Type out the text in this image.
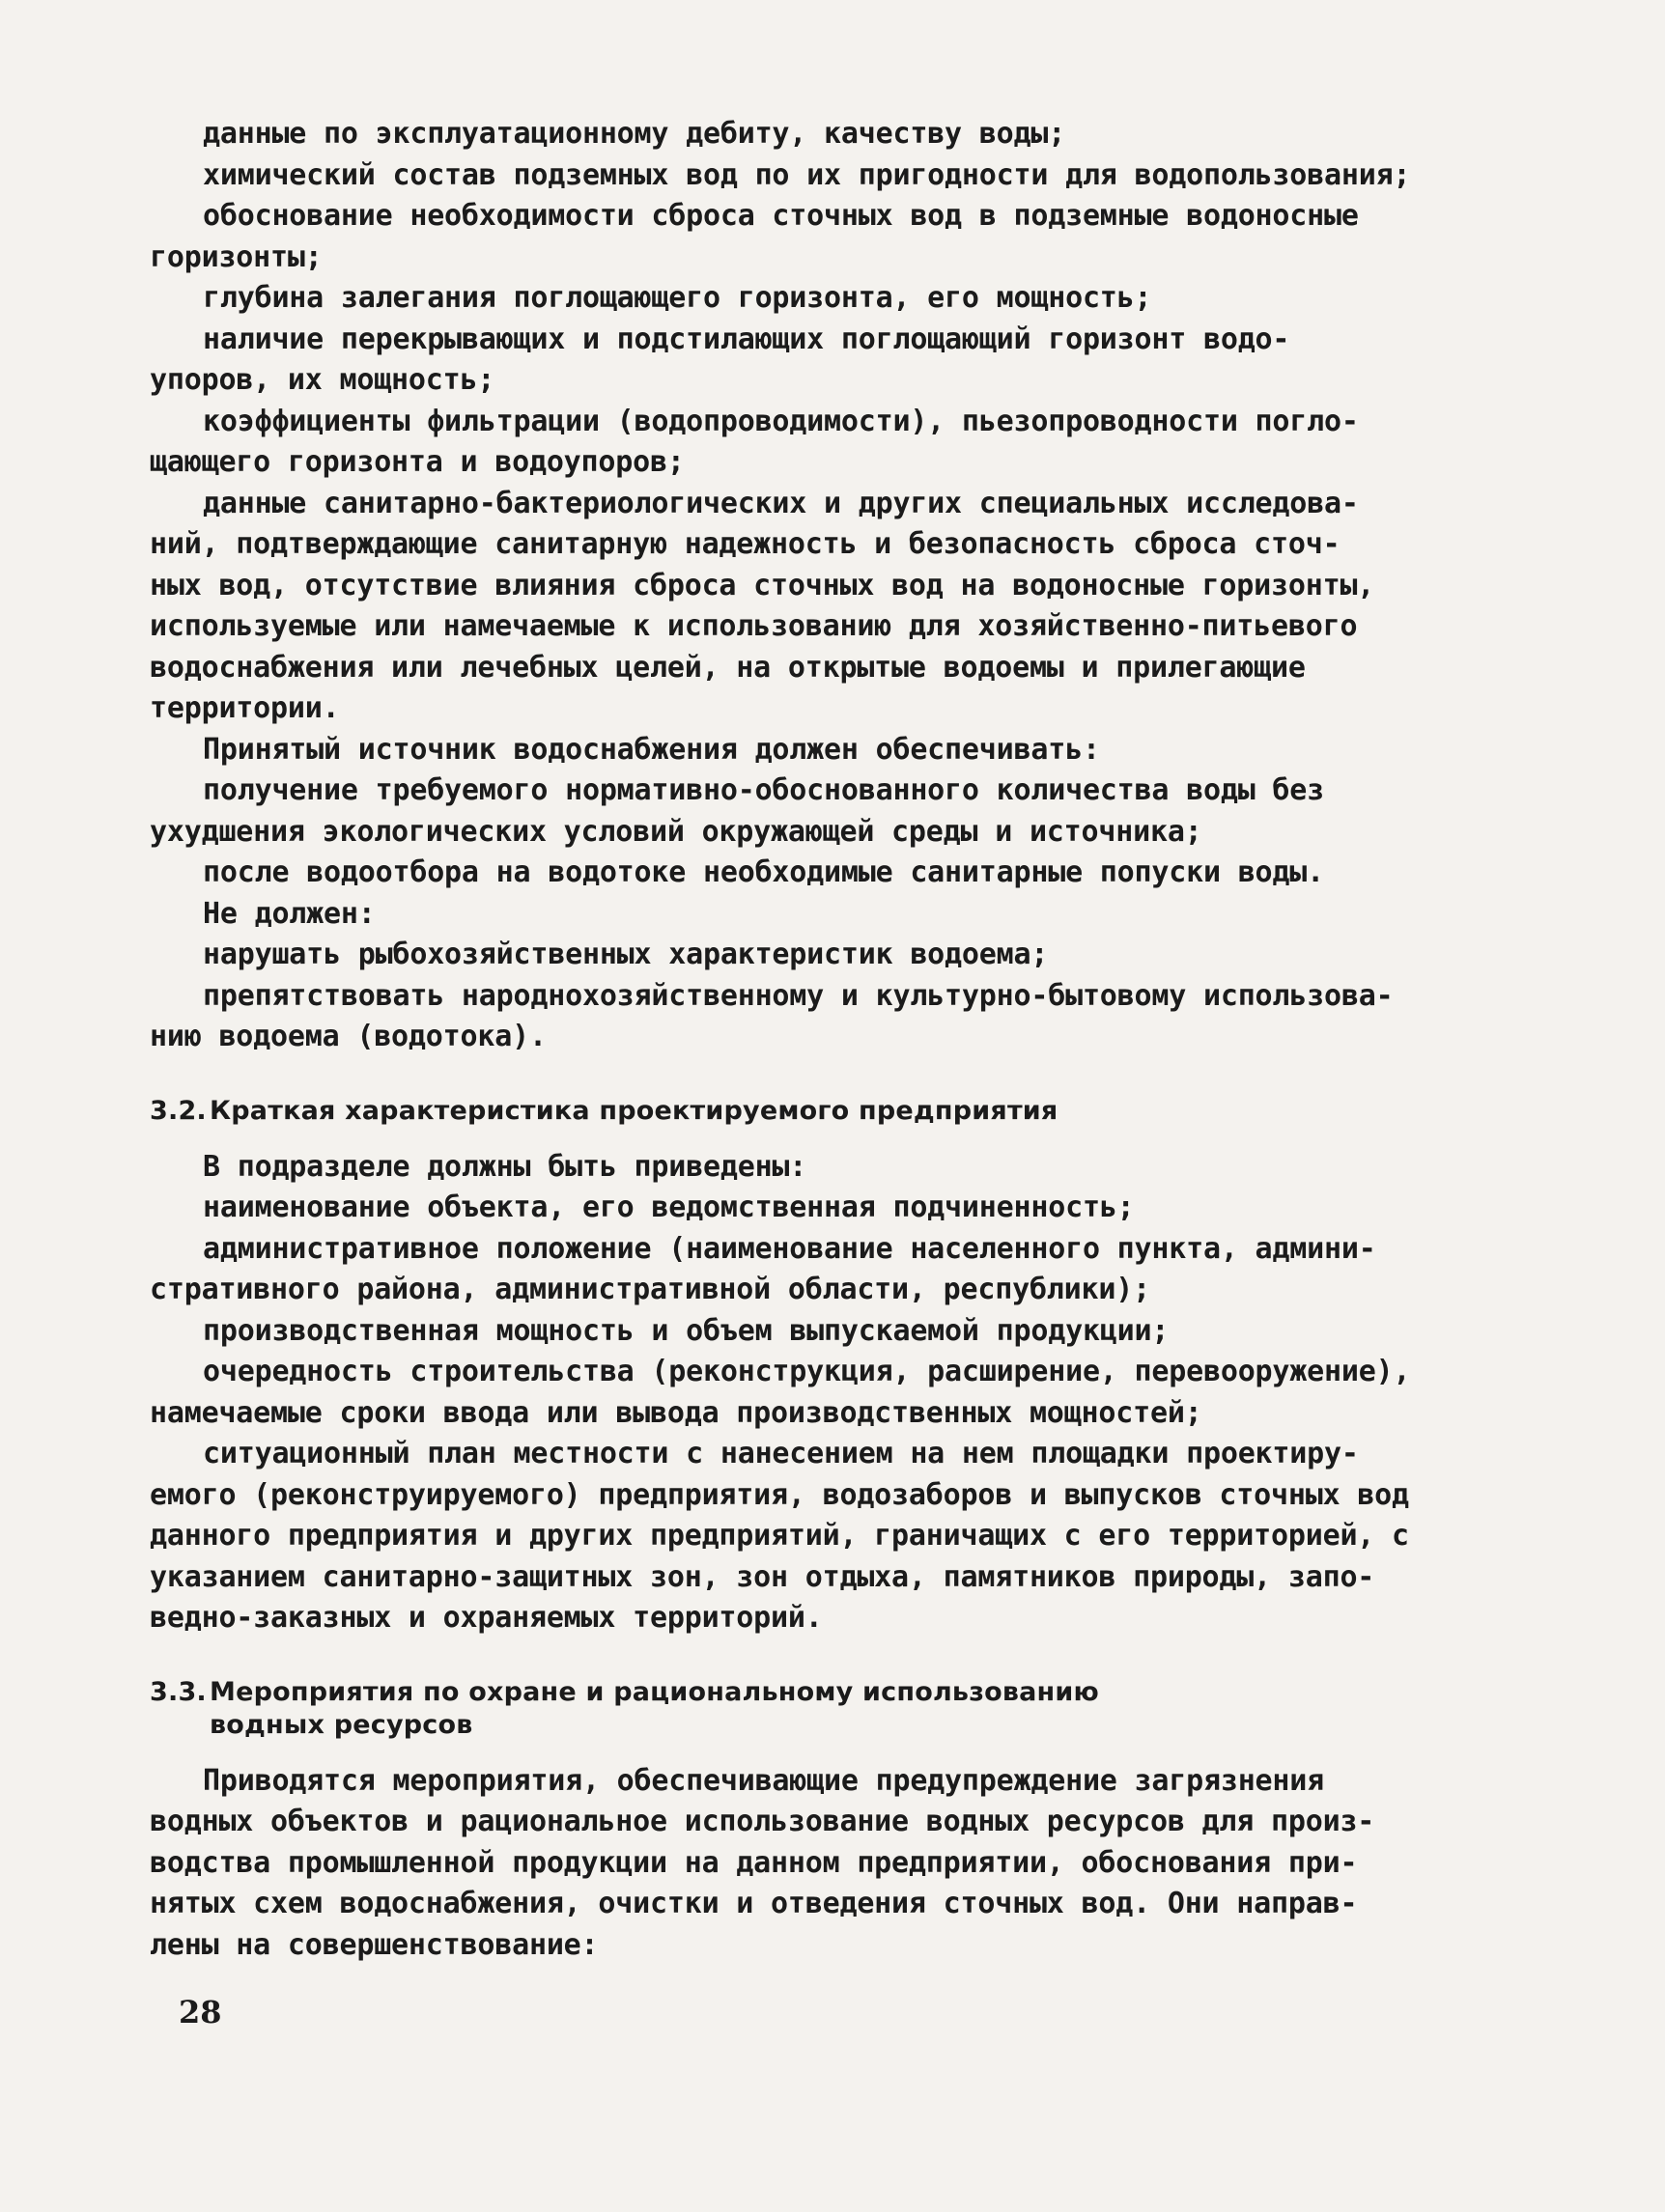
данные по эксплуатационному дебиту, качеству воды;
химический состав подземных вод по их пригодности для водопользования;
обоснование необходимости сброса сточных вод в подземные водоносные
горизонты;
глубина залегания поглощающего горизонта, его мощность;
наличие перекрывающих и подстилающих поглощающий горизонт водо-
упоров, их мощность;
коэффициенты фильтрации (водопроводимости), пьезопроводности погло-
щающего горизонта и водоупоров;
данные санитарно-бактериологических и других специальных исследова-
ний, подтверждающие санитарную надежность и безопасность сброса сточ-
ных вод, отсутствие влияния сброса сточных вод на водоносные горизонты,
используемые или намечаемые к использованию для хозяйственно-питьевого
водоснабжения или лечебных целей, на открытые водоемы и прилегающие
территории.
Принятый источник водоснабжения должен обеспечивать:
получение требуемого нормативно-обоснованного количества воды без
ухудшения экологических условий окружающей среды и источника;
после водоотбора на водотоке необходимые санитарные попуски воды.
Не должен:
нарушать рыбохозяйственных характеристик водоема;
препятствовать народнохозяйственному и культурно-бытовому использова-
нию водоема (водотока).
3.2. Краткая характеристика проектируемого предприятия
В подразделе должны быть приведены:
наименование объекта, его ведомственная подчиненность;
административное положение (наименование населенного пункта, админи-
стративного района, административной области, республики);
производственная мощность и объем выпускаемой продукции;
очередность строительства (реконструкция, расширение, перевооружение),
намечаемые сроки ввода или вывода производственных мощностей;
ситуационный план местности с нанесением на нем площадки проектиру-
емого (реконструируемого) предприятия, водозаборов и выпусков сточных вод
данного предприятия и других предприятий, граничащих с его территорией, с
указанием санитарно-защитных зон, зон отдыха, памятников природы, запо-
ведно-заказных и охраняемых территорий.
3.3. Мероприятия по охране и рациональному использованию
водных ресурсов
Приводятся мероприятия, обеспечивающие предупреждение загрязнения
водных объектов и рациональное использование водных ресурсов для произ-
водства промышленной продукции на данном предприятии, обоснования при-
нятых схем водоснабжения, очистки и отведения сточных вод. Они направ-
лены на совершенствование:
28
